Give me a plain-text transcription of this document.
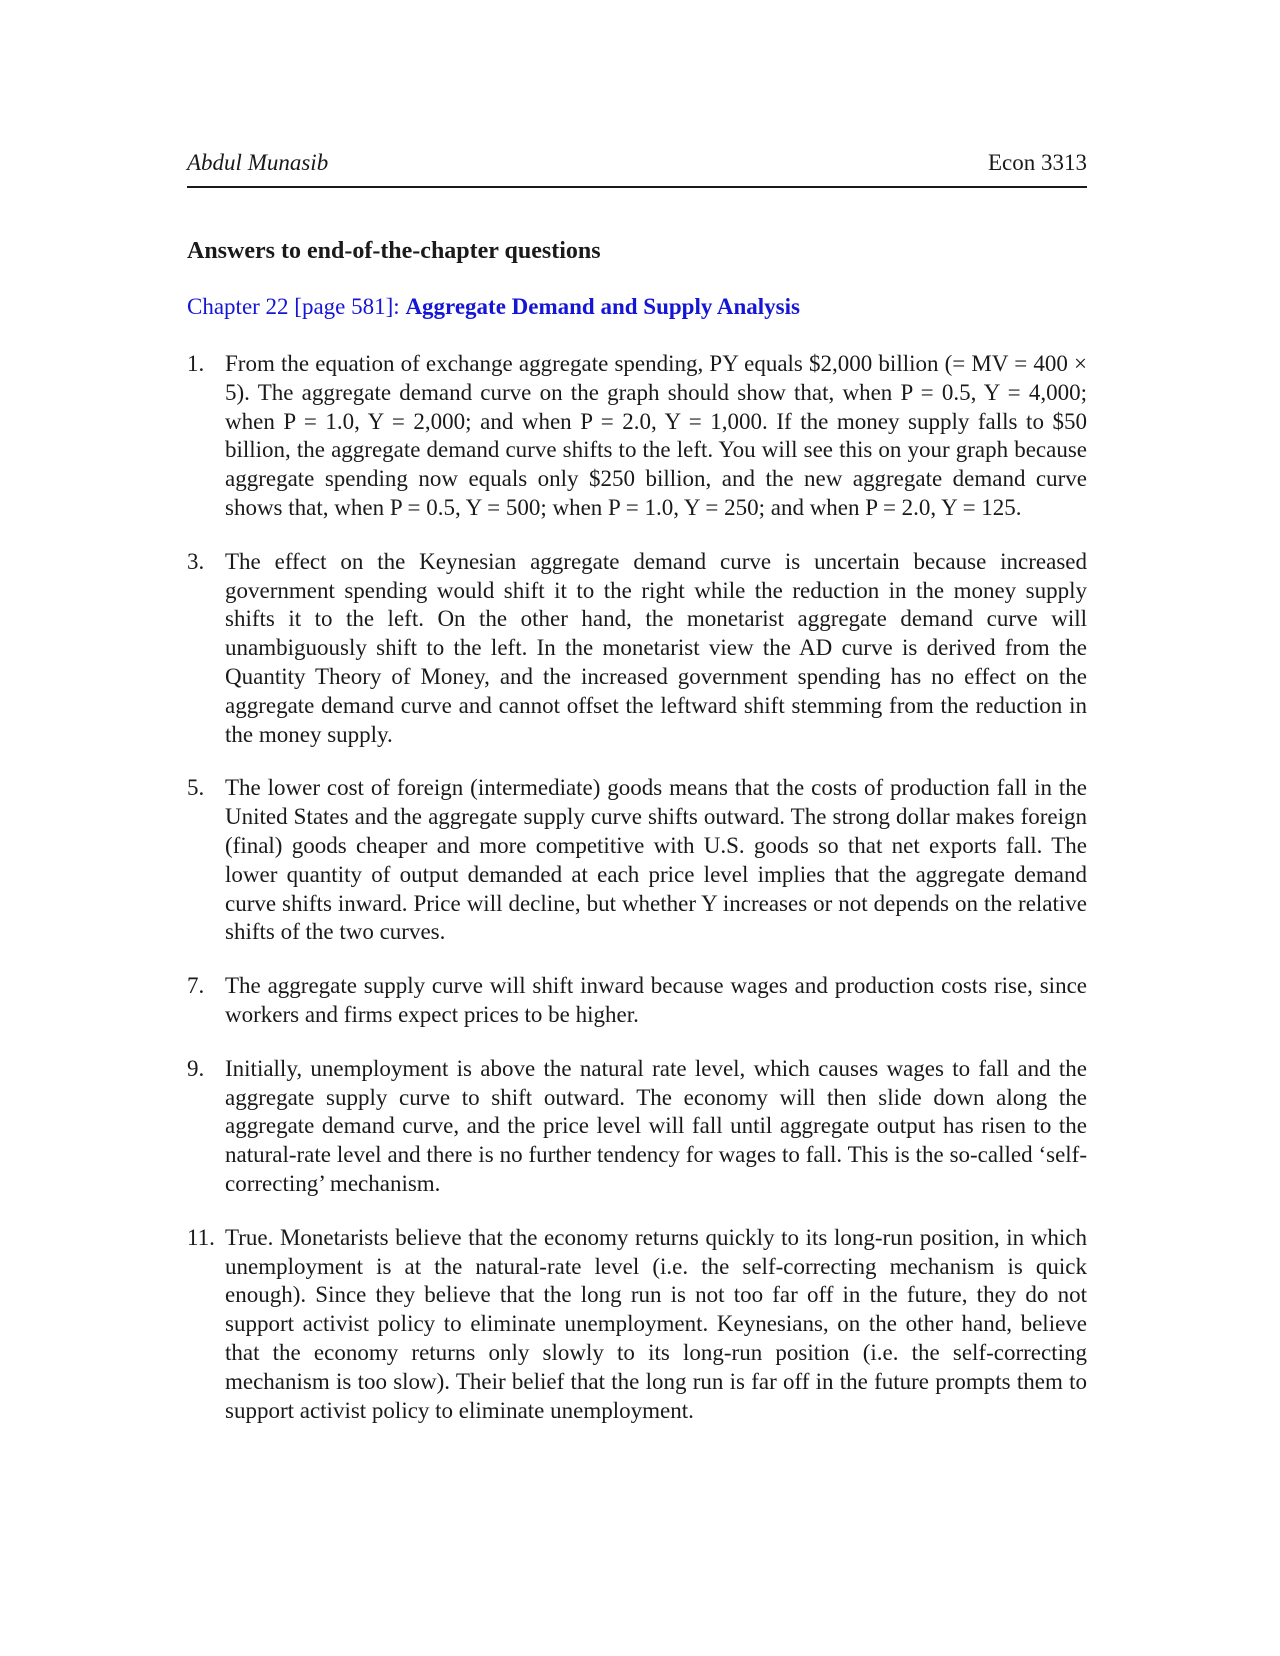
Abdul Munasib	Econ 3313
Answers to end-of-the-chapter questions
Chapter 22 [page 581]: Aggregate Demand and Supply Analysis
1. From the equation of exchange aggregate spending, PY equals $2,000 billion (= MV = 400 × 5). The aggregate demand curve on the graph should show that, when P = 0.5, Y = 4,000; when P = 1.0, Y = 2,000; and when P = 2.0, Y = 1,000. If the money supply falls to $50 billion, the aggregate demand curve shifts to the left. You will see this on your graph because aggregate spending now equals only $250 billion, and the new aggregate demand curve shows that, when P = 0.5, Y = 500; when P = 1.0, Y = 250; and when P = 2.0, Y = 125.
3. The effect on the Keynesian aggregate demand curve is uncertain because increased government spending would shift it to the right while the reduction in the money supply shifts it to the left. On the other hand, the monetarist aggregate demand curve will unambiguously shift to the left. In the monetarist view the AD curve is derived from the Quantity Theory of Money, and the increased government spending has no effect on the aggregate demand curve and cannot offset the leftward shift stemming from the reduction in the money supply.
5. The lower cost of foreign (intermediate) goods means that the costs of production fall in the United States and the aggregate supply curve shifts outward. The strong dollar makes foreign (final) goods cheaper and more competitive with U.S. goods so that net exports fall. The lower quantity of output demanded at each price level implies that the aggregate demand curve shifts inward. Price will decline, but whether Y increases or not depends on the relative shifts of the two curves.
7. The aggregate supply curve will shift inward because wages and production costs rise, since workers and firms expect prices to be higher.
9. Initially, unemployment is above the natural rate level, which causes wages to fall and the aggregate supply curve to shift outward. The economy will then slide down along the aggregate demand curve, and the price level will fall until aggregate output has risen to the natural-rate level and there is no further tendency for wages to fall. This is the so-called ‘self-correcting’ mechanism.
11. True. Monetarists believe that the economy returns quickly to its long-run position, in which unemployment is at the natural-rate level (i.e. the self-correcting mechanism is quick enough). Since they believe that the long run is not too far off in the future, they do not support activist policy to eliminate unemployment. Keynesians, on the other hand, believe that the economy returns only slowly to its long-run position (i.e. the self-correcting mechanism is too slow). Their belief that the long run is far off in the future prompts them to support activist policy to eliminate unemployment.
